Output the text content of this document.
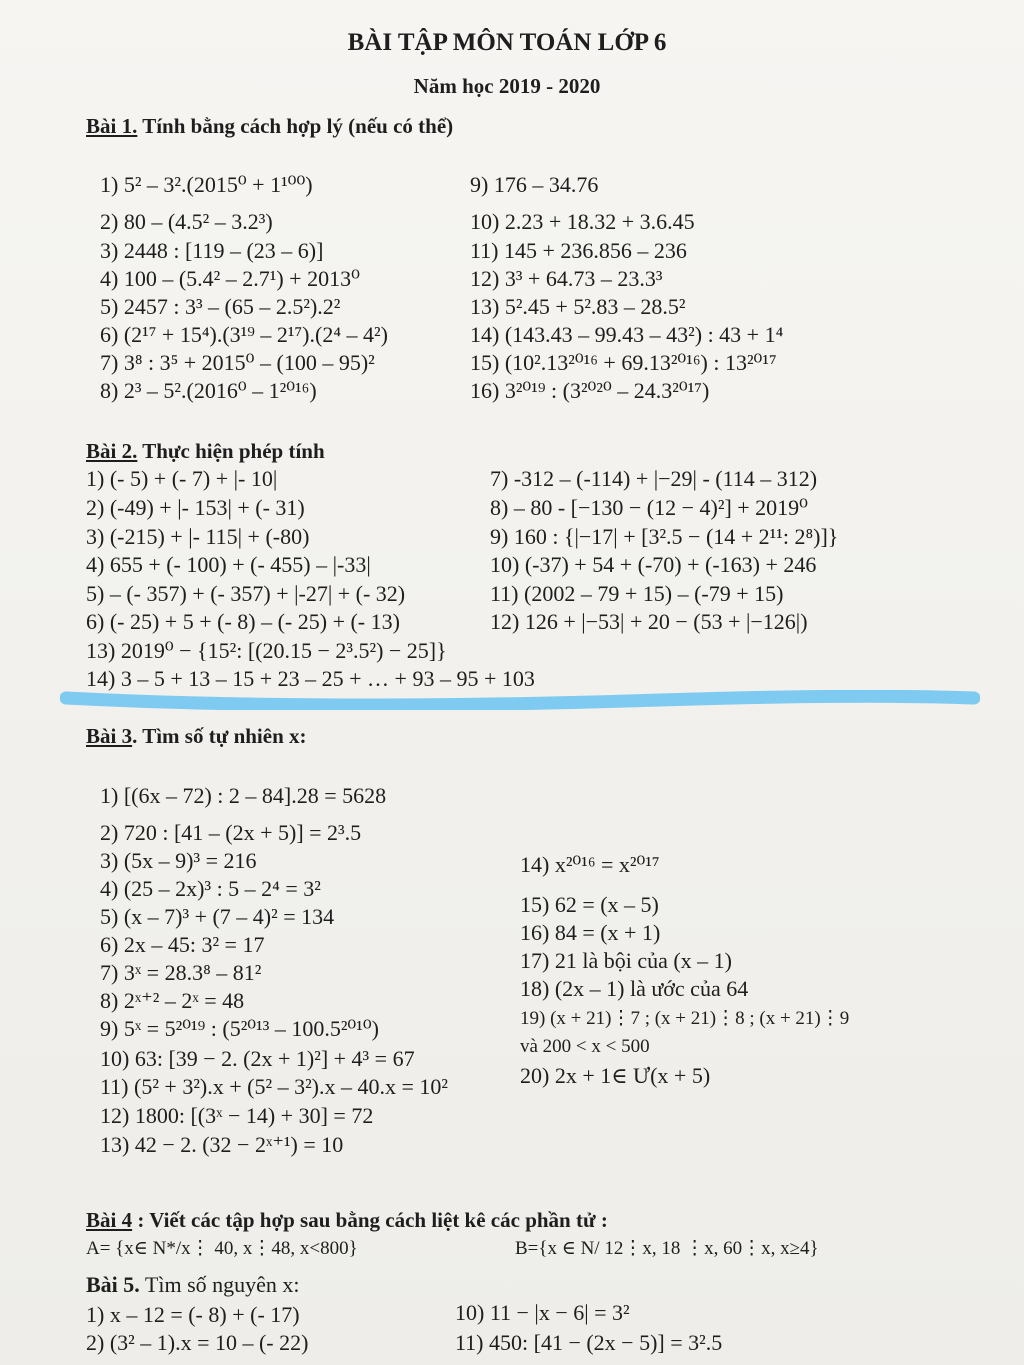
BÀI TẬP MÔN TOÁN LỚP 6
Năm học 2019 - 2020
Bài 1. Tính bằng cách hợp lý (nếu có thể)
1) 5² – 3².(2015⁰ + 1¹⁰⁰)
2) 80 – (4.5² – 3.2³)
3) 2448 : [119 – (23 – 6)]
4) 100 – (5.4² – 2.7¹) + 2013⁰
5) 2457 : 3³ – (65 – 2.5²).2²
6) (2¹⁷ + 15⁴).(3¹⁹ – 2¹⁷).(2⁴ – 4²)
7) 3⁸ : 3⁵ + 2015⁰ – (100 – 95)²
8) 2³ – 5².(2016⁰ – 1²⁰¹⁶)
9) 176 – 34.76
10) 2.23 + 18.32 + 3.6.45
11) 145 + 236.856 – 236
12) 3³ + 64.73 – 23.3³
13) 5².45 + 5².83 – 28.5²
14) (143.43 – 99.43 – 43²) : 43 + 1⁴
15) (10².13²⁰¹⁶ + 69.13²⁰¹⁶) : 13²⁰¹⁷
16) 3²⁰¹⁹ : (3²⁰²⁰ – 24.3²⁰¹⁷)
Bài 2. Thực hiện phép tính
1) (- 5) + (- 7) + |- 10|
2) (-49) + |- 153| + (- 31)
3) (-215) + |- 115| + (-80)
4) 655 + (- 100) + (- 455) – |-33|
5) – (- 357) + (- 357) + |-27| + (- 32)
6) (- 25) + 5 + (- 8) – (- 25) + (- 13)
7) -312 – (-114) + |−29| - (114 – 312)
8) – 80 - [−130 − (12 − 4)²] + 2019⁰
9) 160 : {|−17| + [3².5 − (14 + 2¹¹: 2⁸)]}
10) (-37) + 54 + (-70) + (-163) + 246
11) (2002 – 79 + 15) – (-79 + 15)
12) 126 + |−53| + 20 − (53 + |−126|)
13) 2019⁰ − {15²: [(20.15 − 2³.5²) − 25]}
14) 3 – 5 + 13 – 15 + 23 – 25 + … + 93 – 95 + 103
Bài 3. Tìm số tự nhiên x:
1) [(6x – 72) : 2 – 84].28 = 5628
2) 720 : [41 – (2x + 5)] = 2³.5
3) (5x – 9)³ = 216
4) (25 – 2x)³ : 5 – 2⁴ = 3²
5) (x – 7)³ + (7 – 4)² = 134
6) 2x – 45: 3² = 17
7) 3ˣ = 28.3⁸ – 81²
8) 2ˣ⁺² – 2ˣ = 48
9) 5ˣ = 5²⁰¹⁹ : (5²⁰¹³ – 100.5²⁰¹⁰)
10) 63: [39 − 2. (2x + 1)²] + 4³ = 67
11) (5² + 3²).x + (5² – 3²).x – 40.x = 10²
12) 1800: [(3ˣ − 14) + 30] = 72
13) 42 − 2. (32 − 2ˣ⁺¹) = 10
14) x²⁰¹⁶ = x²⁰¹⁷
15) 62 = (x – 5)
16) 84 = (x + 1)
17) 21 là bội của (x – 1)
18) (2x – 1) là ước của 64
19) (x + 21)⋮7 ; (x + 21)⋮8 ; (x + 21)⋮9
và 200 < x < 500
20) 2x + 1∈ Ư(x + 5)
Bài 4 : Viết các tập hợp sau bằng cách liệt kê các phần tử :
A= {x∈ N*/x⋮ 40, x⋮48, x<800}	B={x ∈ N/ 12⋮x, 18 ⋮x, 60⋮x, x≥4}
Bài 5. Tìm số nguyên x:
1) x – 12 = (- 8) + (- 17)
2) (3² – 1).x = 10 – (- 22)
10) 11 − |x − 6| = 3²
11) 450: [41 − (2x − 5)] = 3².5
